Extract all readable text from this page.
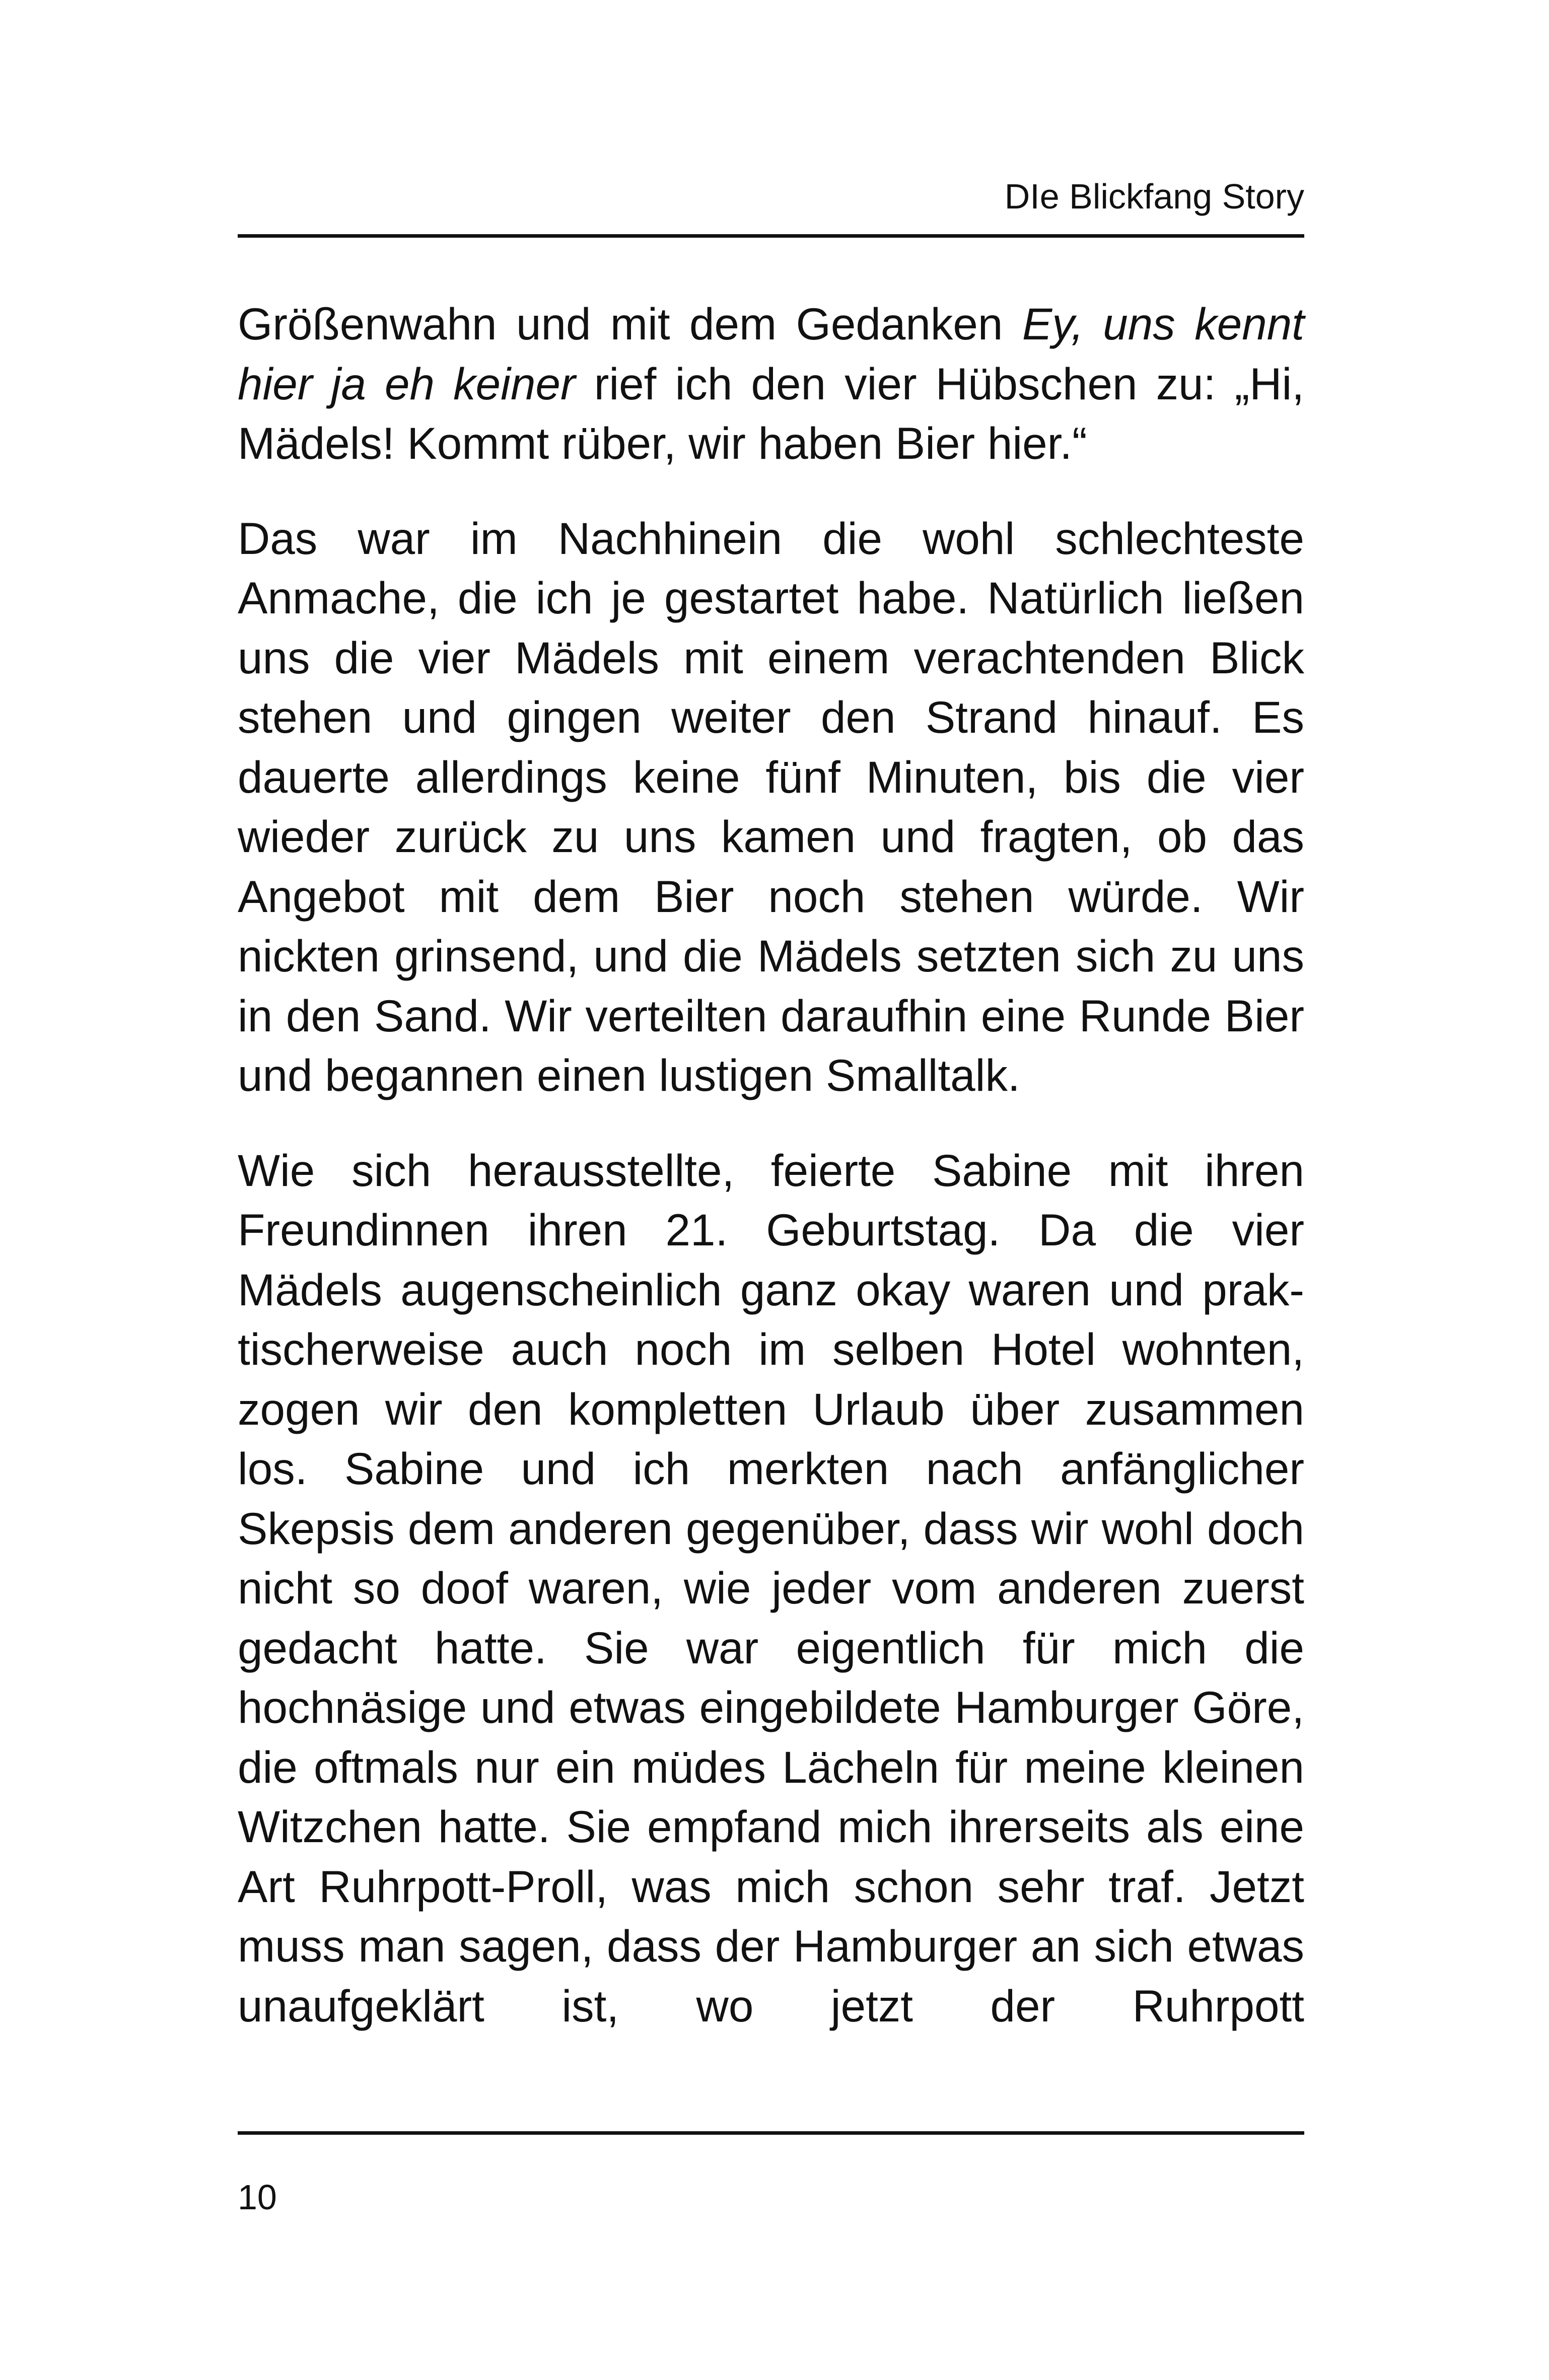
DIe Blickfang Story

Größenwahn und mit dem Gedanken Ey, uns kennt hier ja eh keiner rief ich den vier Hübschen zu: „Hi, Mädels! Kommt rüber, wir haben Bier hier.“

Das war im Nachhinein die wohl schlechteste Anmache, die ich je gestartet habe. Natürlich ließen uns die vier Mädels mit einem verachtenden Blick stehen und gingen weiter den Strand hinauf. Es dauerte allerdings keine fünf Minuten, bis die vier wieder zurück zu uns kamen und fragten, ob das Angebot mit dem Bier noch stehen würde. Wir nickten grinsend, und die Mädels setzten sich zu uns in den Sand. Wir verteilten daraufhin eine Runde Bier und begannen einen lustigen Smalltalk.

Wie sich herausstellte, feierte Sabine mit ihren Freundinnen ihren 21. Geburtstag. Da die vier Mädels augenscheinlich ganz okay waren und praktischerweise auch noch im selben Hotel wohnten, zogen wir den kompletten Urlaub über zusammen los. Sabine und ich merkten nach anfänglicher Skepsis dem anderen gegenüber, dass wir wohl doch nicht so doof waren, wie jeder vom anderen zuerst gedacht hatte. Sie war eigentlich für mich die hochnäsige und etwas eingebildete Hamburger Göre, die oftmals nur ein müdes Lächeln für meine kleinen Witzchen hatte. Sie empfand mich ihrerseits als eine Art Ruhrpott-Proll, was mich schon sehr traf. Jetzt muss man sagen, dass der Hamburger an sich etwas unaufgeklärt ist, wo jetzt der Ruhrpott

10
